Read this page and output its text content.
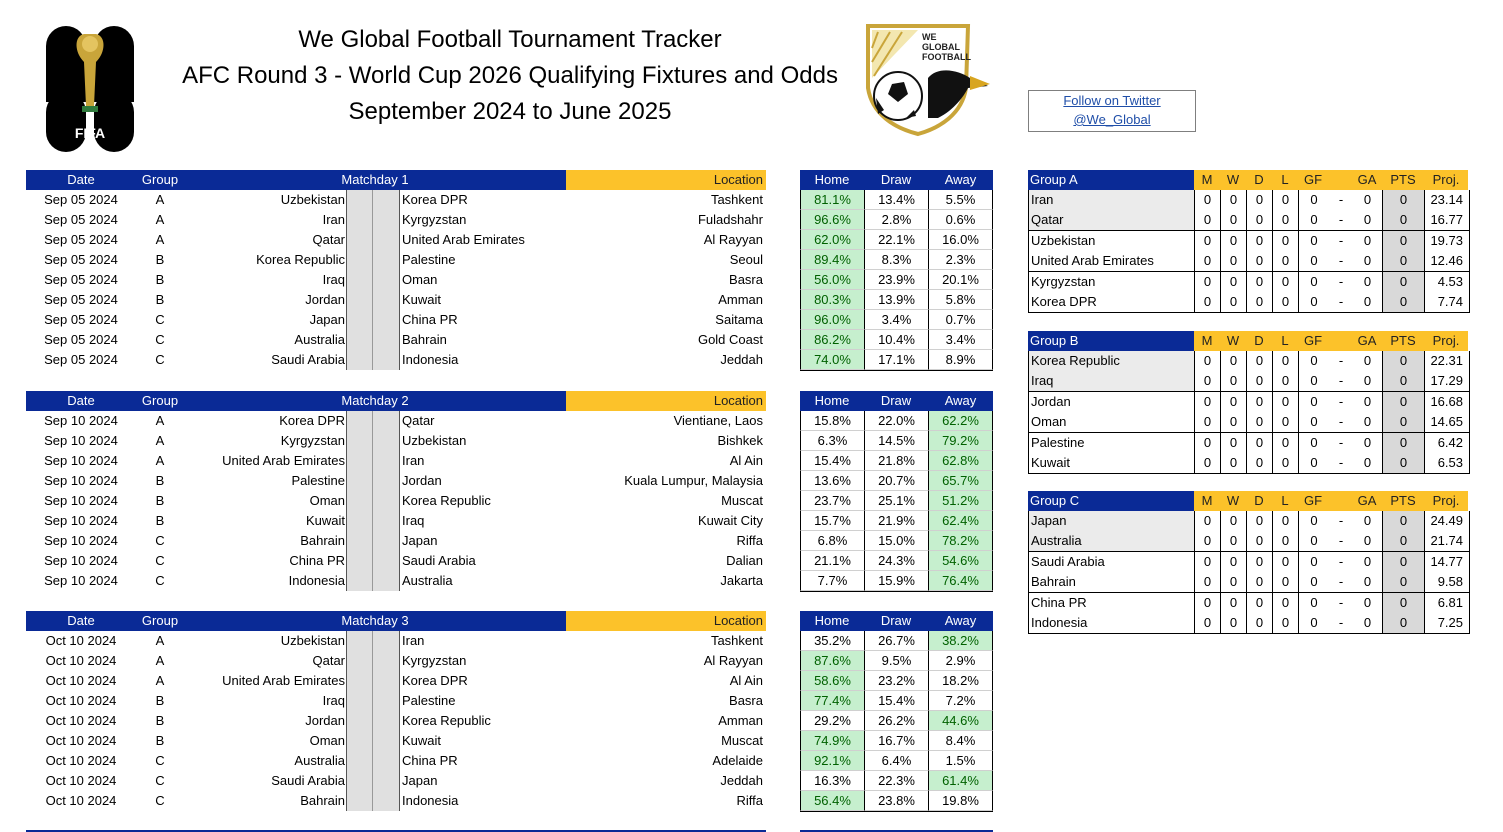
FIFA
WE
GLOBAL
FOOTBALL
We Global Football Tournament Tracker
AFC Round 3 - World Cup 2026 Qualifying Fixtures and Odds
September 2024 to June 2025	Follow on Twitter
@We_Global
Date	Group	Matchday 1	Location
Sep 05 2024	A	Uzbekistan	Korea DPR	Tashkent
Sep 05 2024	A	Iran	Kyrgyzstan	Fuladshahr
Sep 05 2024	A	Qatar	United Arab Emirates	Al Rayyan
Sep 05 2024	B	Korea Republic	Palestine	Seoul
Sep 05 2024	B	Iraq	Oman	Basra
Sep 05 2024	B	Jordan	Kuwait	Amman
Sep 05 2024	C	Japan	China PR	Saitama
Sep 05 2024	C	Australia	Bahrain	Gold Coast
Sep 05 2024	C	Saudi Arabia	Indonesia	Jeddah
Home	Draw	Away
81.1%	13.4%	5.5%
96.6%	2.8%	0.6%
62.0%	22.1%	16.0%
89.4%	8.3%	2.3%
56.0%	23.9%	20.1%
80.3%	13.9%	5.8%
96.0%	3.4%	0.7%
86.2%	10.4%	3.4%
74.0%	17.1%	8.9%
Date	Group	Matchday 2	Location
Sep 10 2024	A	Korea DPR	Qatar	Vientiane, Laos
Sep 10 2024	A	Kyrgyzstan	Uzbekistan	Bishkek
Sep 10 2024	A	United Arab Emirates	Iran	Al Ain
Sep 10 2024	B	Palestine	Jordan	Kuala Lumpur, Malaysia
Sep 10 2024	B	Oman	Korea Republic	Muscat
Sep 10 2024	B	Kuwait	Iraq	Kuwait City
Sep 10 2024	C	Bahrain	Japan	Riffa
Sep 10 2024	C	China PR	Saudi Arabia	Dalian
Sep 10 2024	C	Indonesia	Australia	Jakarta
Home	Draw	Away
15.8%	22.0%	62.2%
6.3%	14.5%	79.2%
15.4%	21.8%	62.8%
13.6%	20.7%	65.7%
23.7%	25.1%	51.2%
15.7%	21.9%	62.4%
6.8%	15.0%	78.2%
21.1%	24.3%	54.6%
7.7%	15.9%	76.4%
Date	Group	Matchday 3	Location
Oct 10 2024	A	Uzbekistan	Iran	Tashkent
Oct 10 2024	A	Qatar	Kyrgyzstan	Al Rayyan
Oct 10 2024	A	United Arab Emirates	Korea DPR	Al Ain
Oct 10 2024	B	Iraq	Palestine	Basra
Oct 10 2024	B	Jordan	Korea Republic	Amman
Oct 10 2024	B	Oman	Kuwait	Muscat
Oct 10 2024	C	Australia	China PR	Adelaide
Oct 10 2024	C	Saudi Arabia	Japan	Jeddah
Oct 10 2024	C	Bahrain	Indonesia	Riffa
Home	Draw	Away
35.2%	26.7%	38.2%
87.6%	9.5%	2.9%
58.6%	23.2%	18.2%
77.4%	15.4%	7.2%
29.2%	26.2%	44.6%
74.9%	16.7%	8.4%
92.1%	6.4%	1.5%
16.3%	22.3%	61.4%
56.4%	23.8%	19.8%
Group A	M	W	D	L	GF	GA	PTS	Proj.
Iran	0	0	0	0	0	-	0	0	23.14
Qatar	0	0	0	0	0	-	0	0	16.77
Uzbekistan	0	0	0	0	0	-	0	0	19.73
United Arab Emirates	0	0	0	0	0	-	0	0	12.46
Kyrgyzstan	0	0	0	0	0	-	0	0	4.53
Korea DPR	0	0	0	0	0	-	0	0	7.74
Group B	M	W	D	L	GF	GA	PTS	Proj.
Korea Republic	0	0	0	0	0	-	0	0	22.31
Iraq	0	0	0	0	0	-	0	0	17.29
Jordan	0	0	0	0	0	-	0	0	16.68
Oman	0	0	0	0	0	-	0	0	14.65
Palestine	0	0	0	0	0	-	0	0	6.42
Kuwait	0	0	0	0	0	-	0	0	6.53
Group C	M	W	D	L	GF	GA	PTS	Proj.
Japan	0	0	0	0	0	-	0	0	24.49
Australia	0	0	0	0	0	-	0	0	21.74
Saudi Arabia	0	0	0	0	0	-	0	0	14.77
Bahrain	0	0	0	0	0	-	0	0	9.58
China PR	0	0	0	0	0	-	0	0	6.81
Indonesia	0	0	0	0	0	-	0	0	7.25
